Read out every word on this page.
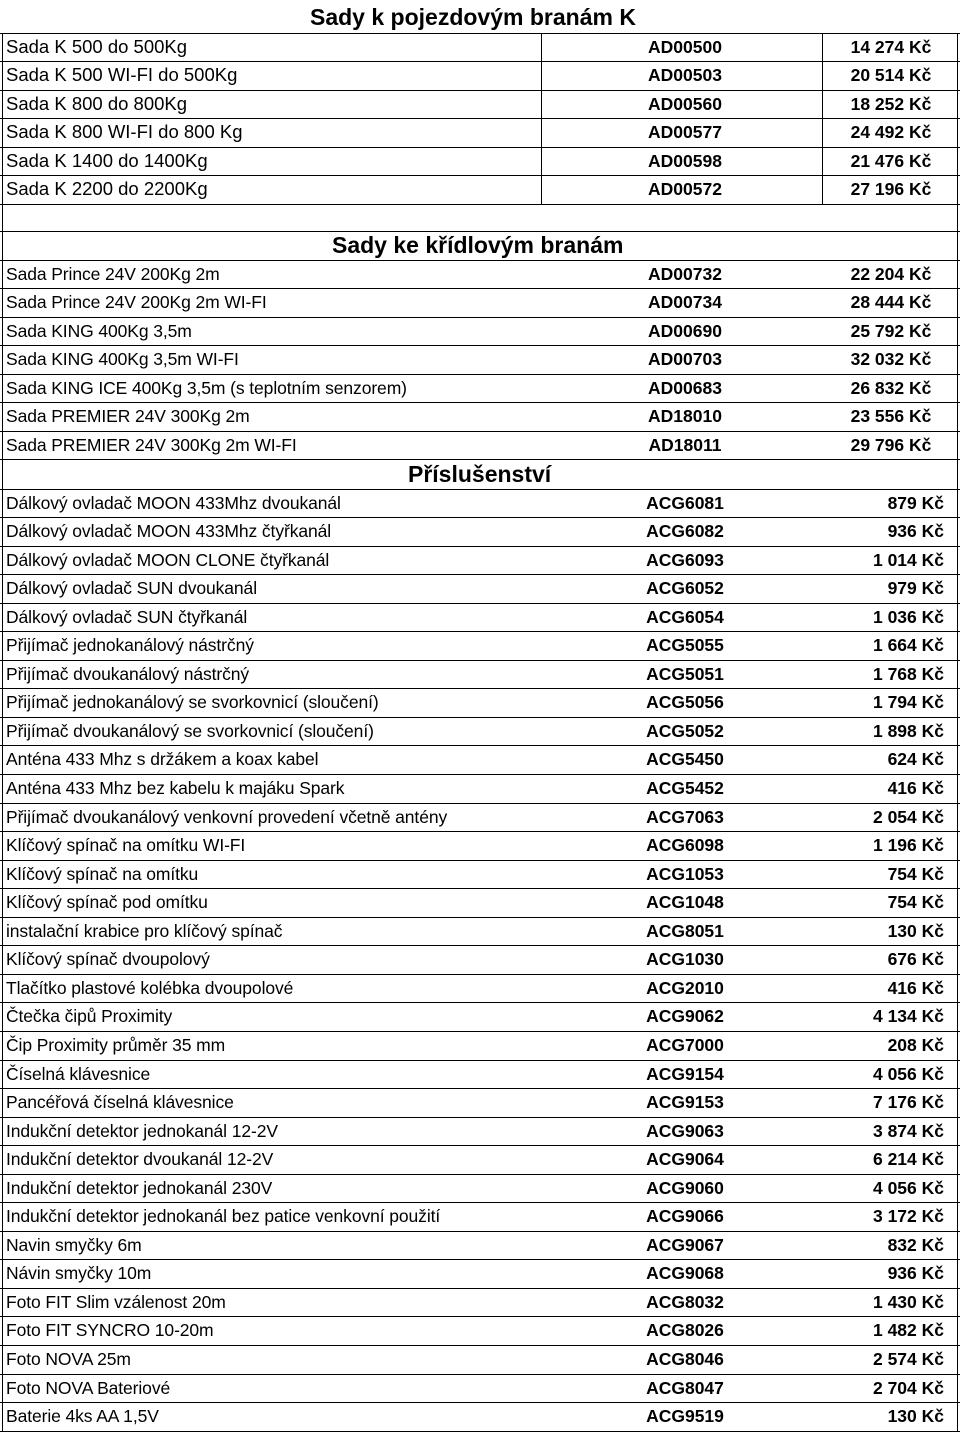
Sady k pojezdovým branám K
Sada K 500 do 500Kg	AD00500	14 274 Kč
Sada K 500 WI-FI do 500Kg	AD00503	20 514 Kč
Sada K 800 do 800Kg	AD00560	18 252 Kč
Sada K 800 WI-FI do 800 Kg	AD00577	24 492 Kč
Sada K 1400 do 1400Kg	AD00598	21 476 Kč
Sada K 2200 do 2200Kg	AD00572	27 196 Kč
Sady ke křídlovým branám
Sada Prince 24V 200Kg 2m	AD00732	22 204 Kč
Sada Prince 24V 200Kg 2m WI-FI	AD00734	28 444 Kč
Sada KING 400Kg 3,5m	AD00690	25 792 Kč
Sada KING 400Kg 3,5m WI-FI	AD00703	32 032 Kč
Sada KING ICE 400Kg 3,5m (s teplotním senzorem)	AD00683	26 832 Kč
Sada PREMIER 24V 300Kg 2m	AD18010	23 556 Kč
Sada PREMIER 24V 300Kg 2m WI-FI	AD18011	29 796 Kč
Příslušenství
Dálkový ovladač MOON 433Mhz dvoukanál	ACG6081	879 Kč
Dálkový ovladač MOON 433Mhz čtyřkanál	ACG6082	936 Kč
Dálkový ovladač MOON CLONE čtyřkanál	ACG6093	1 014 Kč
Dálkový ovladač SUN dvoukanál	ACG6052	979 Kč
Dálkový ovladač SUN čtyřkanál	ACG6054	1 036 Kč
Přijímač jednokanálový nástrčný	ACG5055	1 664 Kč
Přijímač dvoukanálový nástrčný	ACG5051	1 768 Kč
Přijímač jednokanálový se svorkovnicí (sloučení)	ACG5056	1 794 Kč
Přijímač dvoukanálový se svorkovnicí (sloučení)	ACG5052	1 898 Kč
Anténa 433 Mhz s držákem a koax kabel	ACG5450	624 Kč
Anténa 433 Mhz bez kabelu k majáku Spark	ACG5452	416 Kč
Přijímač dvoukanálový venkovní provedení včetně antény	ACG7063	2 054 Kč
Klíčový spínač na omítku WI-FI	ACG6098	1 196 Kč
Klíčový spínač na omítku	ACG1053	754 Kč
Klíčový spínač pod omítku	ACG1048	754 Kč
instalační krabice pro klíčový spínač	ACG8051	130 Kč
Klíčový spínač dvoupolový	ACG1030	676 Kč
Tlačítko plastové kolébka dvoupolové	ACG2010	416 Kč
Čtečka čipů Proximity	ACG9062	4 134 Kč
Čip Proximity průměr 35 mm	ACG7000	208 Kč
Číselná klávesnice	ACG9154	4 056 Kč
Pancéřová číselná klávesnice	ACG9153	7 176 Kč
Indukční detektor jednokanál 12-2V	ACG9063	3 874 Kč
Indukční detektor dvoukanál 12-2V	ACG9064	6 214 Kč
Indukční detektor jednokanál 230V	ACG9060	4 056 Kč
Indukční detektor jednokanál bez patice venkovní použití	ACG9066	3 172 Kč
Navin smyčky 6m	ACG9067	832 Kč
Návin smyčky 10m	ACG9068	936 Kč
Foto FIT Slim vzálenost 20m	ACG8032	1 430 Kč
Foto FIT SYNCRO 10-20m	ACG8026	1 482 Kč
Foto NOVA 25m	ACG8046	2 574 Kč
Foto NOVA Bateriové	ACG8047	2 704 Kč
Baterie 4ks AA 1,5V	ACG9519	130 Kč
